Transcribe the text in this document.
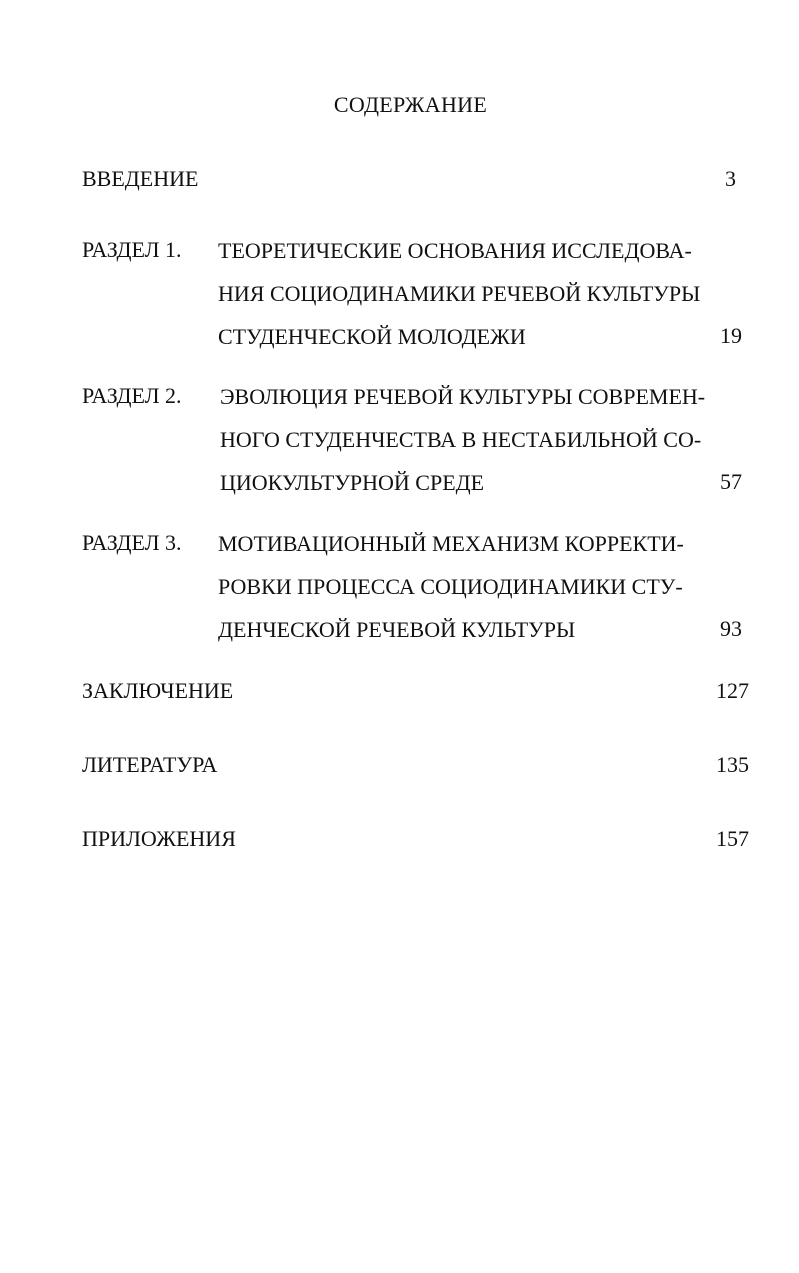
СОДЕРЖАНИЕ
ВВЕДЕНИЕ	3
РАЗДЕЛ 1. ТЕОРЕТИЧЕСКИЕ ОСНОВАНИЯ ИССЛЕДОВА-
НИЯ СОЦИОДИНАМИКИ РЕЧЕВОЙ КУЛЬТУРЫ
СТУДЕНЧЕСКОЙ МОЛОДЕЖИ	19
РАЗДЕЛ 2. ЭВОЛЮЦИЯ РЕЧЕВОЙ КУЛЬТУРЫ СОВРЕМЕН-
НОГО СТУДЕНЧЕСТВА В НЕСТАБИЛЬНОЙ СО-
ЦИОКУЛЬТУРНОЙ СРЕДЕ	57
РАЗДЕЛ 3. МОТИВАЦИОННЫЙ МЕХАНИЗМ КОРРЕКТИ-
РОВКИ ПРОЦЕССА СОЦИОДИНАМИКИ СТУ-
ДЕНЧЕСКОЙ РЕЧЕВОЙ КУЛЬТУРЫ	93
ЗАКЛЮЧЕНИЕ	127
ЛИТЕРАТУРА	135
ПРИЛОЖЕНИЯ	157
